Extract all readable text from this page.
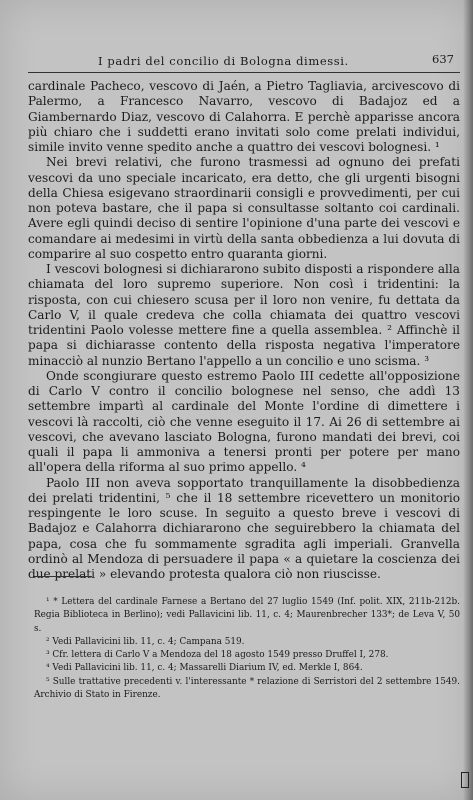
I padri del concilio di Bologna dimessi.	637

cardinale Pacheco, vescovo di Jaén, a Pietro Tagliavia, arcivescovo di Palermo, a Francesco Navarro, vescovo di Badajoz ed a Giambernardo Diaz, vescovo di Calahorra. E perchè apparisse ancora più chiaro che i suddetti erano invitati solo come prelati individui, simile invito venne spedito anche a quattro dei vescovi bolognesi. ¹

Nei brevi relativi, che furono trasmessi ad ognuno dei prefati vescovi da uno speciale incaricato, era detto, che gli urgenti bisogni della Chiesa esigevano straordinarii consigli e provvedimenti, per cui non poteva bastare, che il papa si consultasse soltanto coi cardinali. Avere egli quindi deciso di sentire l'opinione d'una parte dei vescovi e comandare ai medesimi in virtù della santa obbedienza a lui dovuta di comparire al suo cospetto entro quaranta giorni.

I vescovi bolognesi si dichiararono subito disposti a rispondere alla chiamata del loro supremo superiore. Non così i tridentini: la risposta, con cui chiesero scusa per il loro non venire, fu dettata da Carlo V, il quale credeva che colla chiamata dei quattro vescovi tridentini Paolo volesse mettere fine a quella assemblea. ² Affinchè il papa si dichiarasse contento della risposta negativa l'imperatore minacciò al nunzio Bertano l'appello a un concilio e uno scisma. ³

Onde scongiurare questo estremo Paolo III cedette all'opposizione di Carlo V contro il concilio bolognese nel senso, che addì 13 settembre impartì al cardinale del Monte l'ordine di dimettere i vescovi là raccolti, ciò che venne eseguito il 17. Ai 26 di settembre ai vescovi, che avevano lasciato Bologna, furono mandati dei brevi, coi quali il papa li ammoniva a tenersi pronti per potere per mano all'opera della riforma al suo primo appello. ⁴

Paolo III non aveva sopportato tranquillamente la disobbedienza dei prelati tridentini, ⁵ che il 18 settembre ricevettero un monitorio respingente le loro scuse. In seguito a questo breve i vescovi di Badajoz e Calahorra dichiararono che seguirebbero la chiamata del papa, cosa che fu sommamente sgradita agli imperiali. Granvella ordinò al Mendoza di persuadere il papa « a quietare la coscienza dei due prelati » elevando protesta qualora ciò non riuscisse.

¹ * Lettera del cardinale Farnese a Bertano del 27 luglio 1549 (Inf. polit. XIX, 211b-212b. Regia Biblioteca in Berlino); vedi Pallavicini lib. 11, c. 4; Maurenbrecher 133*; de Leva V, 50 s.

² Vedi Pallavicini lib. 11, c. 4; Campana 519.

³ Cfr. lettera di Carlo V a Mendoza del 18 agosto 1549 presso Druffel I, 278.

⁴ Vedi Pallavicini lib. 11, c. 4; Massarelli Diarium IV, ed. Merkle I, 864.

⁵ Sulle trattative precedenti v. l'interessante * relazione di Serristori del 2 settembre 1549. Archivio di Stato in Firenze.
